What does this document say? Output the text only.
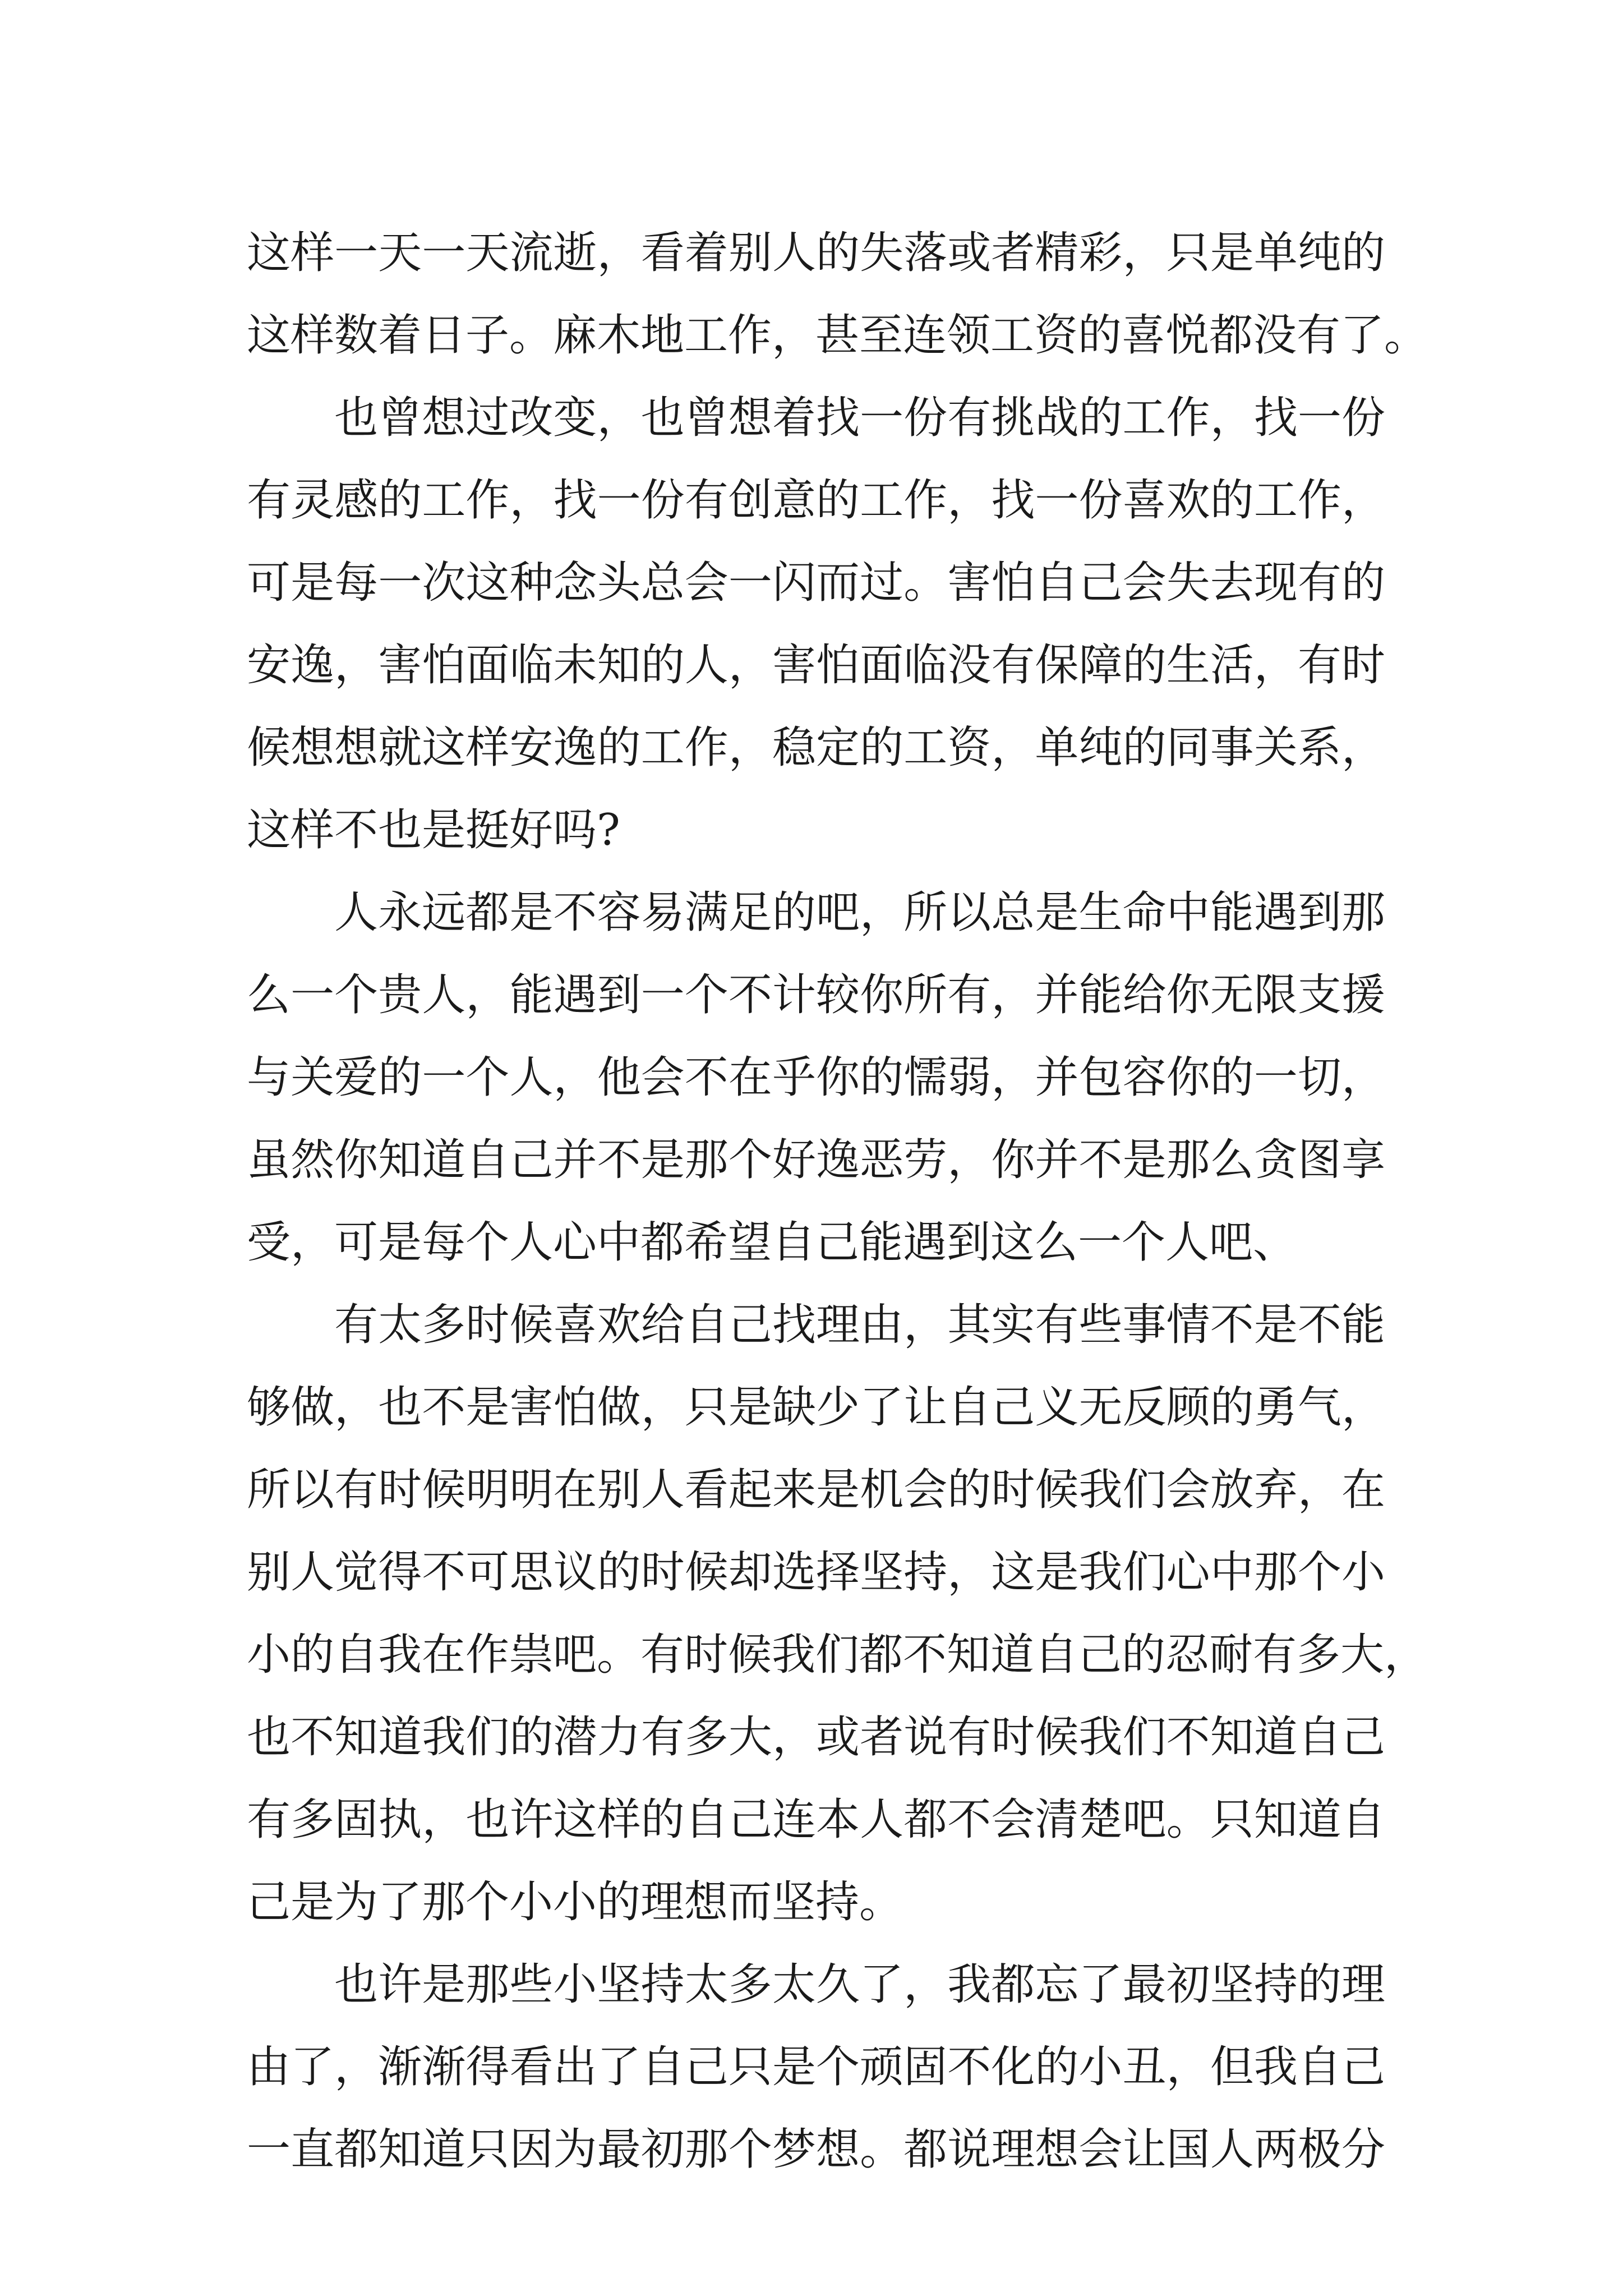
这样一天一天流逝，看着别人的失落或者精彩，只是单纯的
这样数着日子。麻木地工作，甚至连领工资的喜悦都没有了。
也曾想过改变，也曾想着找一份有挑战的工作，找一份
有灵感的工作，找一份有创意的工作，找一份喜欢的工作，
可是每一次这种念头总会一闪而过。害怕自己会失去现有的
安逸，害怕面临未知的人，害怕面临没有保障的生活，有时
候想想就这样安逸的工作，稳定的工资，单纯的同事关系，
这样不也是挺好吗?
人永远都是不容易满足的吧，所以总是生命中能遇到那
么一个贵人，能遇到一个不计较你所有，并能给你无限支援
与关爱的一个人，他会不在乎你的懦弱，并包容你的一切，
虽然你知道自己并不是那个好逸恶劳，你并不是那么贪图享
受，可是每个人心中都希望自己能遇到这么一个人吧、
有太多时候喜欢给自己找理由，其实有些事情不是不能
够做，也不是害怕做，只是缺少了让自己义无反顾的勇气，
所以有时候明明在别人看起来是机会的时候我们会放弃，在
别人觉得不可思议的时候却选择坚持，这是我们心中那个小
小的自我在作祟吧。有时候我们都不知道自己的忍耐有多大，
也不知道我们的潜力有多大，或者说有时候我们不知道自己
有多固执，也许这样的自己连本人都不会清楚吧。只知道自
己是为了那个小小的理想而坚持。
也许是那些小坚持太多太久了，我都忘了最初坚持的理
由了，渐渐得看出了自己只是个顽固不化的小丑，但我自己
一直都知道只因为最初那个梦想。都说理想会让国人两极分
